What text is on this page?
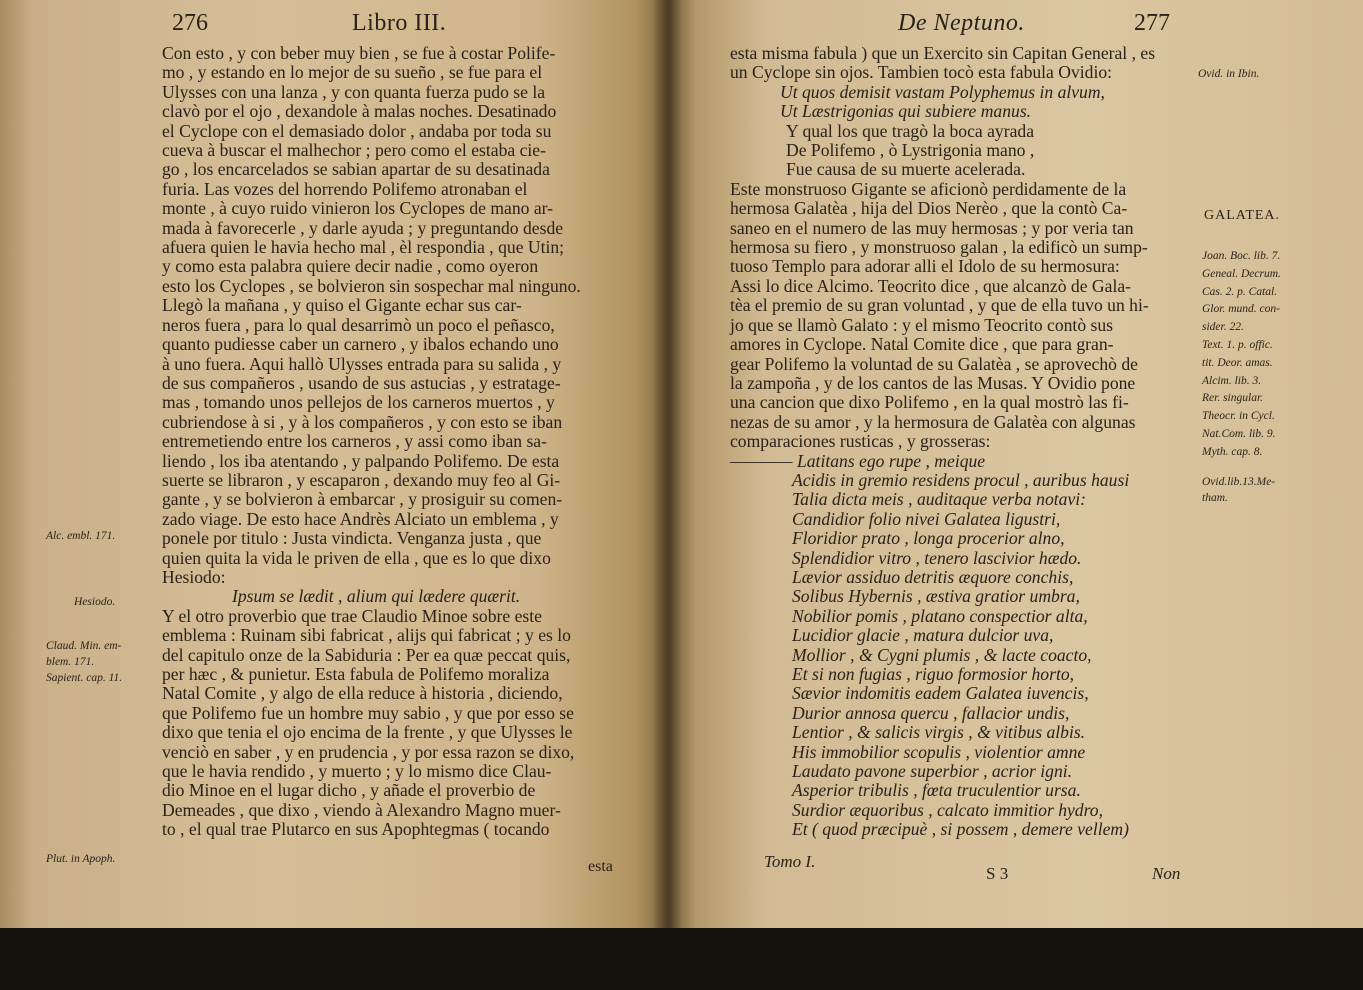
276	Libro III.

Con esto , y con beber muy bien , se fue à costar Polife-

mo , y estando en lo mejor de su sueño , se fue para el

Ulysses con una lanza , y con quanta fuerza pudo se la

clavò por el ojo , dexandole à malas noches. Desatinado

el Cyclope con el demasiado dolor , andaba por toda su

cueva à buscar el malhechor ; pero como el estaba cie-

go , los encarcelados se sabian apartar de su desatinada

furia. Las vozes del horrendo Polifemo atronaban el

monte , à cuyo ruido vinieron los Cyclopes de mano ar-

mada à favorecerle , y darle ayuda ; y preguntando desde

afuera quien le havia hecho mal , èl respondia , que Utin;

y como esta palabra quiere decir nadie , como oyeron

esto los Cyclopes , se bolvieron sin sospechar mal ninguno.

Llegò la mañana , y quiso el Gigante echar sus car-

neros fuera , para lo qual desarrimò un poco el peñasco,

quanto pudiesse caber un carnero , y ibalos echando uno

à uno fuera. Aqui hallò Ulysses entrada para su salida , y

de sus compañeros , usando de sus astucias , y estratage-

mas , tomando unos pellejos de los carneros muertos , y

cubriendose à si , y à los compañeros , y con esto se iban

entremetiendo entre los carneros , y assi como iban sa-

liendo , los iba atentando , y palpando Polifemo. De esta

suerte se libraron , y escaparon , dexando muy feo al Gi-

gante , y se bolvieron à embarcar , y prosiguir su comen-

zado viage. De esto hace Andrès Alciato un emblema , y

ponele por titulo : Justa vindicta. Venganza justa , que

quien quita la vida le priven de ella , que es lo que dixo

Hesiodo:

Ipsum se lædit , alium qui lædere quærit.

Y el otro proverbio que trae Claudio Minoe sobre este

emblema : Ruinam sibi fabricat , alijs qui fabricat ; y es lo

del capitulo onze de la Sabiduria : Per ea quæ peccat quis,

per hæc , & punietur. Esta fabula de Polifemo moraliza

Natal Comite , y algo de ella reduce à historia , diciendo,

que Polifemo fue un hombre muy sabio , y que por esso se

dixo que tenia el ojo encima de la frente , y que Ulysses le

venciò en saber , y en prudencia , y por essa razon se dixo,

que le havia rendido , y muerto ; y lo mismo dice Clau-

dio Minoe en el lugar dicho , y añade el proverbio de

Demeades , que dixo , viendo à Alexandro Magno muer-

to , el qual trae Plutarco en sus Apophtegmas ( tocando

Alc. embl. 171.
Hesiodo.

Claud. Min. em-

blem. 171.

Sapient. cap. 11.

Plut. in Apoph.	esta
De Neptuno.	277

esta misma fabula ) que un Exercito sin Capitan General , es

un Cyclope sin ojos. Tambien tocò esta fabula Ovidio:

Ut quos demisit vastam Polyphemus in alvum,

Ut Læstrigonias qui subiere manus.

Y qual los que tragò la boca ayrada

De Polifemo , ò Lystrigonia mano ,

Fue causa de su muerte acelerada.

Este monstruoso Gigante se aficionò perdidamente de la

hermosa Galatèa , hija del Dios Nerèo , que la contò Ca-

saneo en el numero de las muy hermosas ; y por veria tan

hermosa su fiero , y monstruoso galan , la edificò un sump-

tuoso Templo para adorar alli el Idolo de su hermosura:

Assi lo dice Alcimo. Teocrito dice , que alcanzò de Gala-

tèa el premio de su gran voluntad , y que de ella tuvo un hi-

jo que se llamò Galato : y el mismo Teocrito contò sus

amores in Cyclope. Natal Comite dice , que para gran-

gear Polifemo la voluntad de su Galatèa , se aprovechò de

la zampoña , y de los cantos de las Musas. Y Ovidio pone

una cancion que dixo Polifemo , en la qual mostrò las fi-

nezas de su amor , y la hermosura de Galatèa con algunas

comparaciones rusticas , y grosseras:

———— Latitans ego rupe , meique

Acidis in gremio residens procul , auribus hausi

Talia dicta meis , auditaque verba notavi:

Candidior folio nivei Galatea ligustri,

Floridior prato , longa procerior alno,

Splendidior vitro , tenero lascivior hædo.

Lævior assiduo detritis æquore conchis,

Solibus Hybernis , æstiva gratior umbra,

Nobilior pomis , platano conspectior alta,

Lucidior glacie , matura dulcior uva,

Mollior , & Cygni plumis , & lacte coacto,

Et si non fugias , riguo formosior horto,

Sævior indomitis eadem Galatea iuvencis,

Durior annosa quercu , fallacior undis,

Lentior , & salicis virgis , & vitibus albis.

His immobilior scopulis , violentior amne

Laudato pavone superbior , acrior igni.

Asperior tribulis , fœta truculentior ursa.

Surdior æquoribus , calcato immitior hydro,

Et ( quod præcipuè , si possem , demere vellem)

Ovid. in Ibin.
GALATEA.

Joan. Boc. lib. 7.

Geneal. Decrum.

Cas. 2. p. Catal.

Glor. mund. con-

sider. 22.

Text. 1. p. offic.

tit. Deor. amas.

Alcim. lib. 3.

Rer. singular.

Theocr. in Cycl.

Nat.Com. lib. 9.

Myth. cap. 8.

Ovid.lib.13.Me-

tham.

Tomo I.
S 3	Non
